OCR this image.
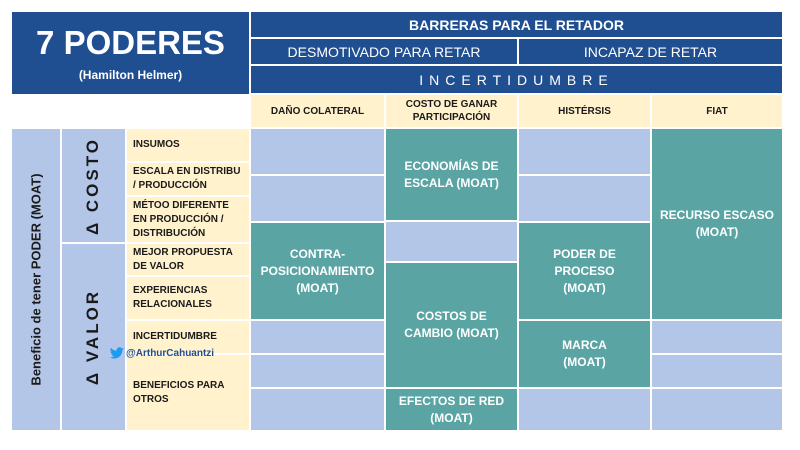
7 PODERES
(Hamilton Helmer)
BARRERAS PARA EL RETADOR
DESMOTIVADO PARA RETAR	INCAPAZ DE RETAR
INCERTIDUMBRE
DAÑO COLATERAL
COSTO DE GANAR PARTICIPACIÓN
HISTÉRSIS	FIAT
Beneficio de tener PODER (MOAT) Δ COSTO
Δ VALOR
INSUMOS
ESCALA EN DISTRIBU / PRODUCCIÓN
MÉTOO DIFERENTE EN PRODUCCIÓN / DISTRIBUCIÓN
MEJOR PROPUESTA DE VALOR
EXPERIENCIAS RELACIONALES
INCERTIDUMBRE
BENEFICIOS PARA OTROS
CONTRA-POSICIONAMIENTO (MOAT)
ECONOMÍAS DE ESCALA (MOAT)
COSTOS DE CAMBIO (MOAT)
EFECTOS DE RED (MOAT)
PODER DE PROCESO (MOAT)
MARCA (MOAT)
RECURSO ESCASO (MOAT)
@ArthurCahuantzi
